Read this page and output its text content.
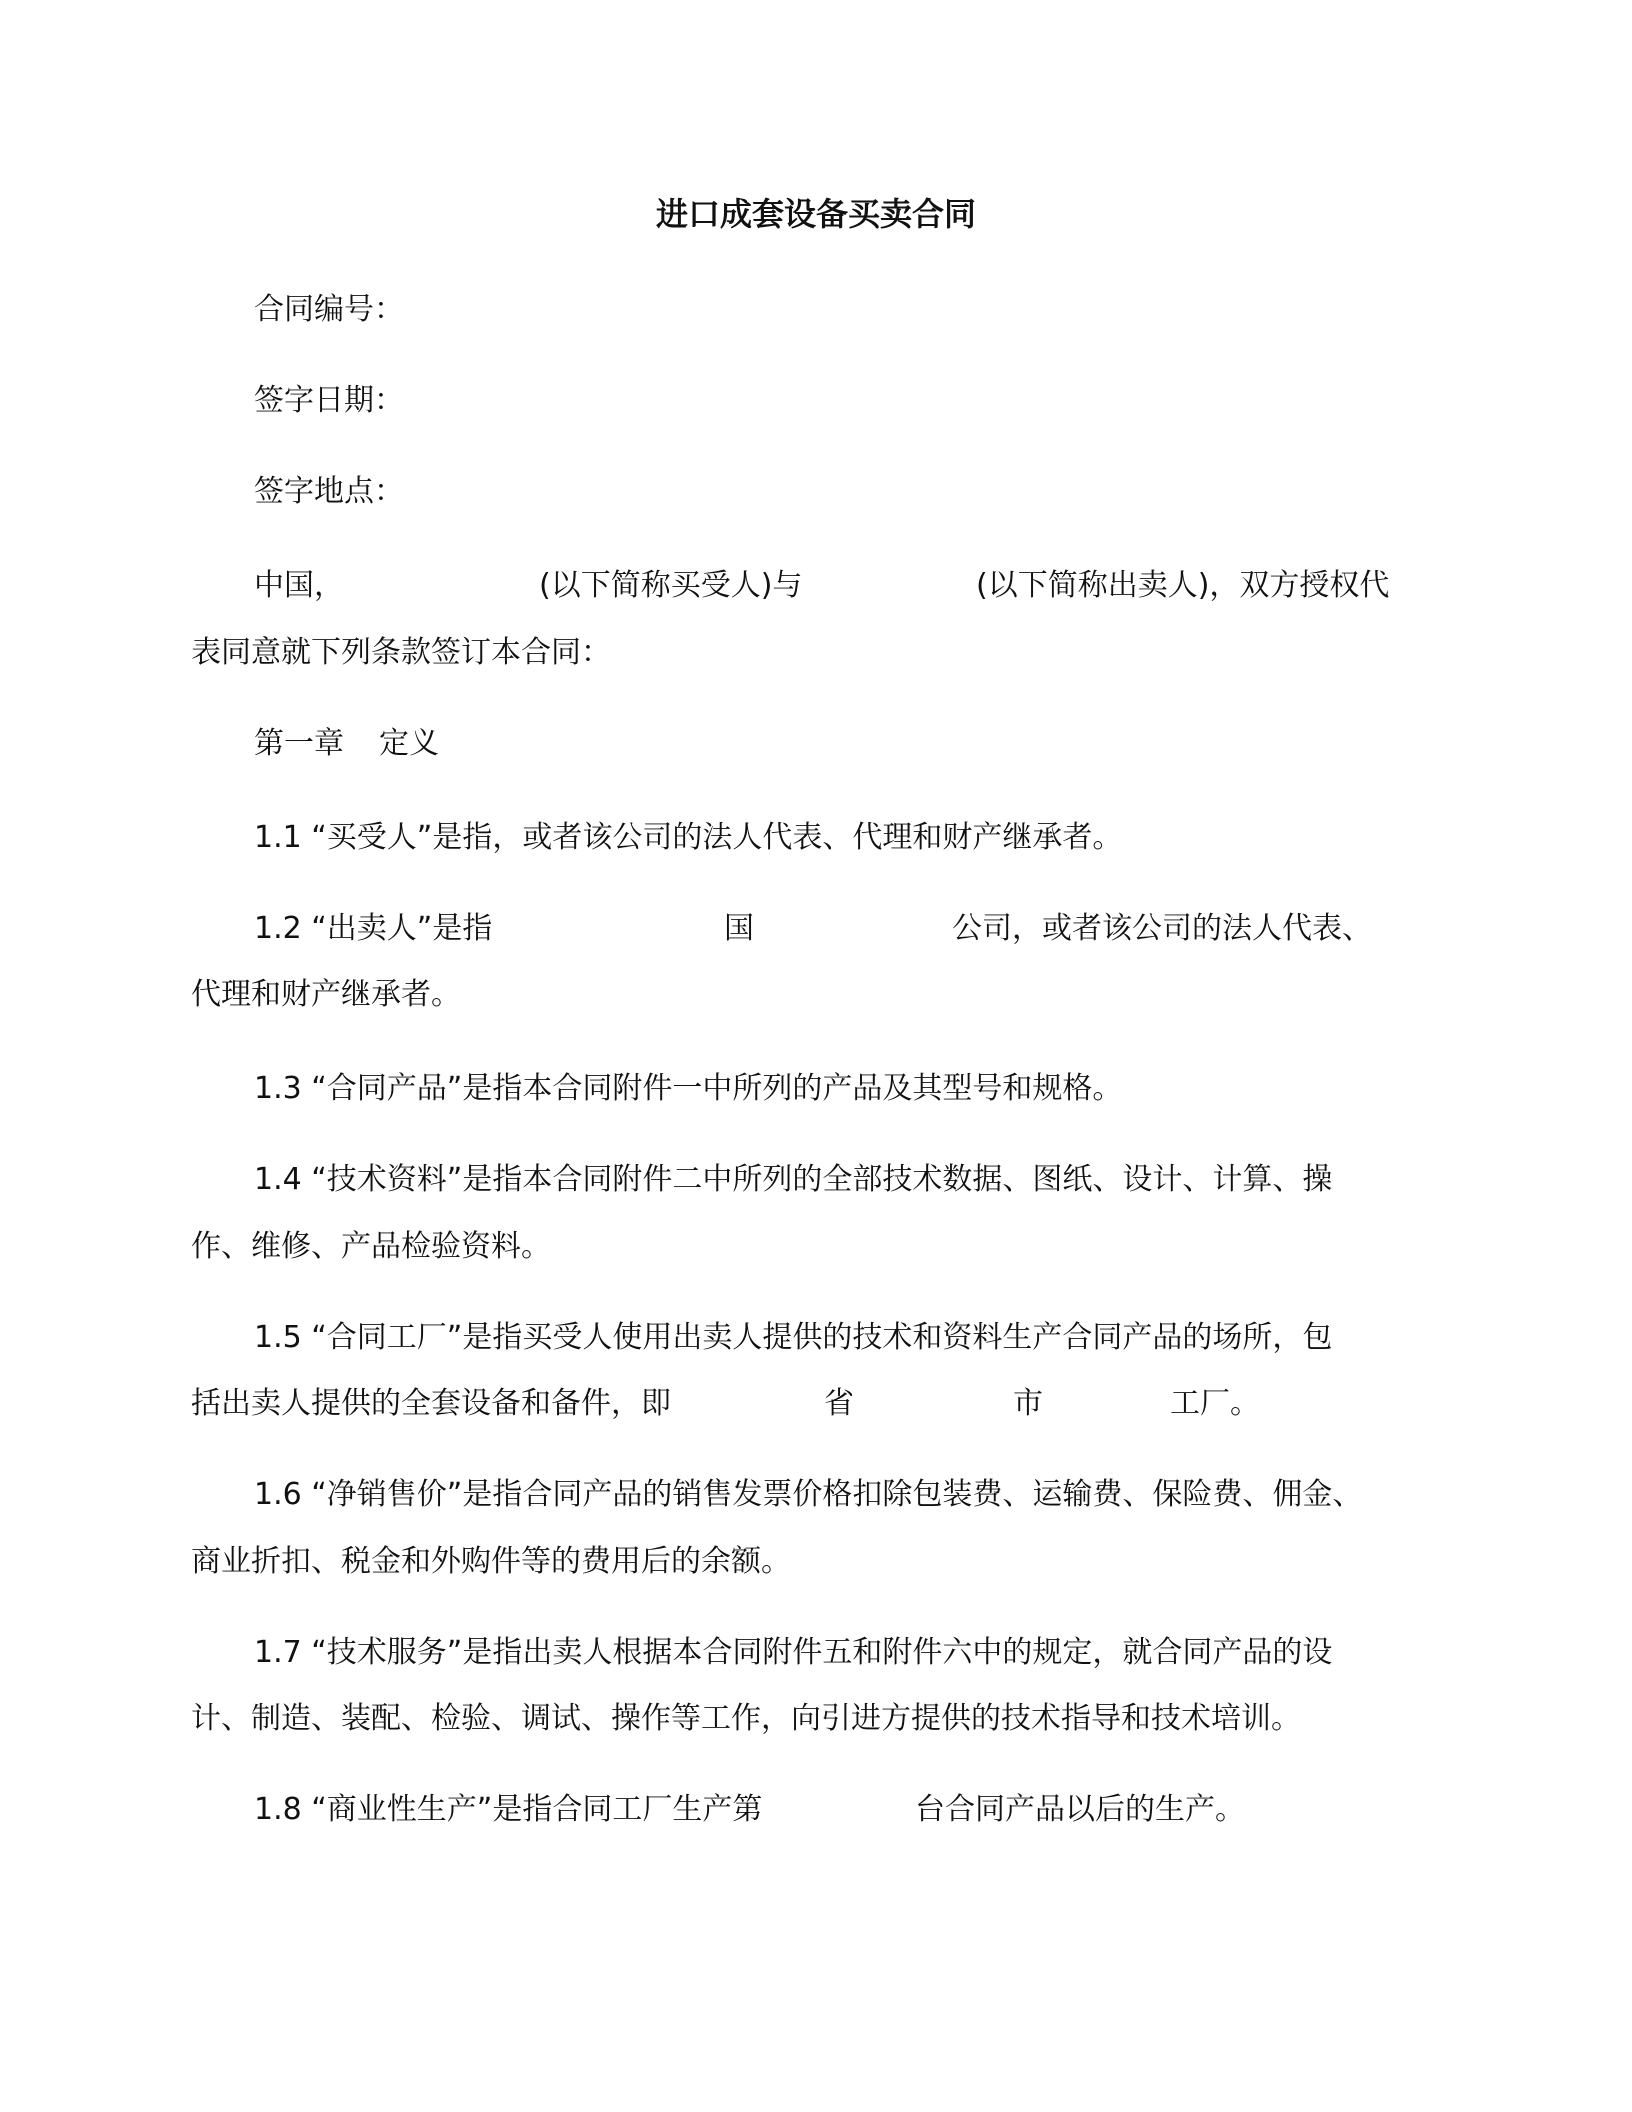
进口成套设备买卖合同
合同编号：
签字日期：
签字地点：
中国，	(以下简称买受人)与	(以下简称出卖人)，双方授权代
表同意就下列条款签订本合同：
第一章 定义
1.1 “买受人”是指，或者该公司的法人代表、代理和财产继承者。
1.2 “出卖人”是指	国	公司，或者该公司的法人代表、
代理和财产继承者。
1.3 “合同产品”是指本合同附件一中所列的产品及其型号和规格。
1.4 “技术资料”是指本合同附件二中所列的全部技术数据、图纸、设计、计算、操
作、维修、产品检验资料。
1.5 “合同工厂”是指买受人使用出卖人提供的技术和资料生产合同产品的场所，包
括出卖人提供的全套设备和备件，即	省	市	工厂。
1.6 “净销售价”是指合同产品的销售发票价格扣除包装费、运输费、保险费、佣金、
商业折扣、税金和外购件等的费用后的余额。
1.7 “技术服务”是指出卖人根据本合同附件五和附件六中的规定，就合同产品的设
计、制造、装配、检验、调试、操作等工作，向引进方提供的技术指导和技术培训。
1.8 “商业性生产”是指合同工厂生产第	台合同产品以后的生产。
